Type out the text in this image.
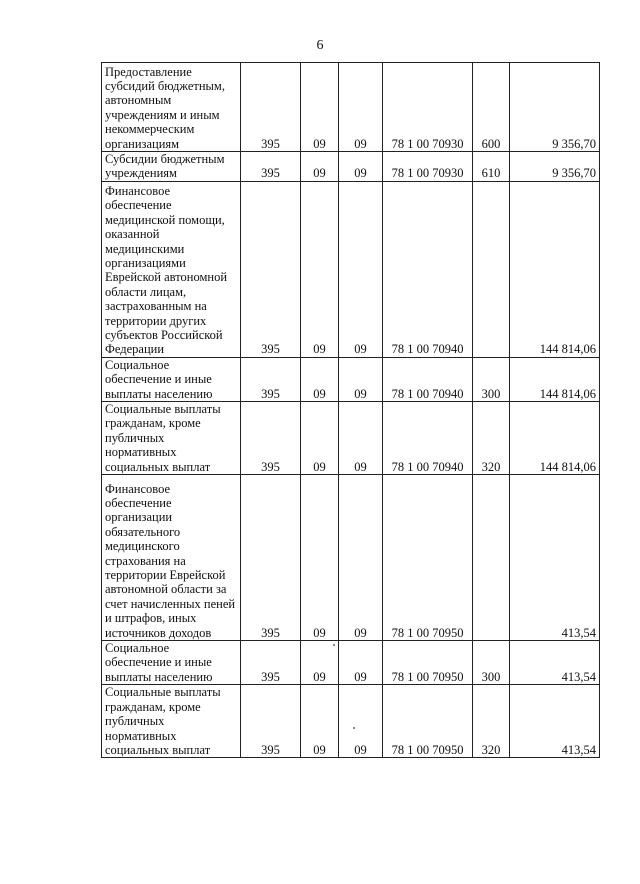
6
Предоставление субсидий бюджетным, автономным учреждениям и иным некоммерческим организациям	395	09	09	78 1 00 70930	600	9 356,70
Субсидии бюджетным учреждениям	395	09	09	78 1 00 70930	610	9 356,70
Финансовое обеспечение медицинской помощи, оказанной медицинскими организациями Еврейской автономной области лицам, застрахованным на территории других субъектов Российской Федерации	395	09	09	78 1 00 70940		144 814,06
Социальное обеспечение и иные выплаты населению	395	09	09	78 1 00 70940	300	144 814,06
Социальные выплаты гражданам, кроме публичных нормативных социальных выплат	395	09	09	78 1 00 70940	320	144 814,06
Финансовое обеспечение организации обязательного медицинского страхования на территории Еврейской автономной области за счет начисленных пеней и штрафов, иных источников доходов	395	09	09	78 1 00 70950		413,54
Социальное обеспечение и иные выплаты населению	395	09	09	78 1 00 70950	300	413,54
Социальные выплаты гражданам, кроме публичных нормативных социальных выплат	395	09	09	78 1 00 70950	320	413,54
